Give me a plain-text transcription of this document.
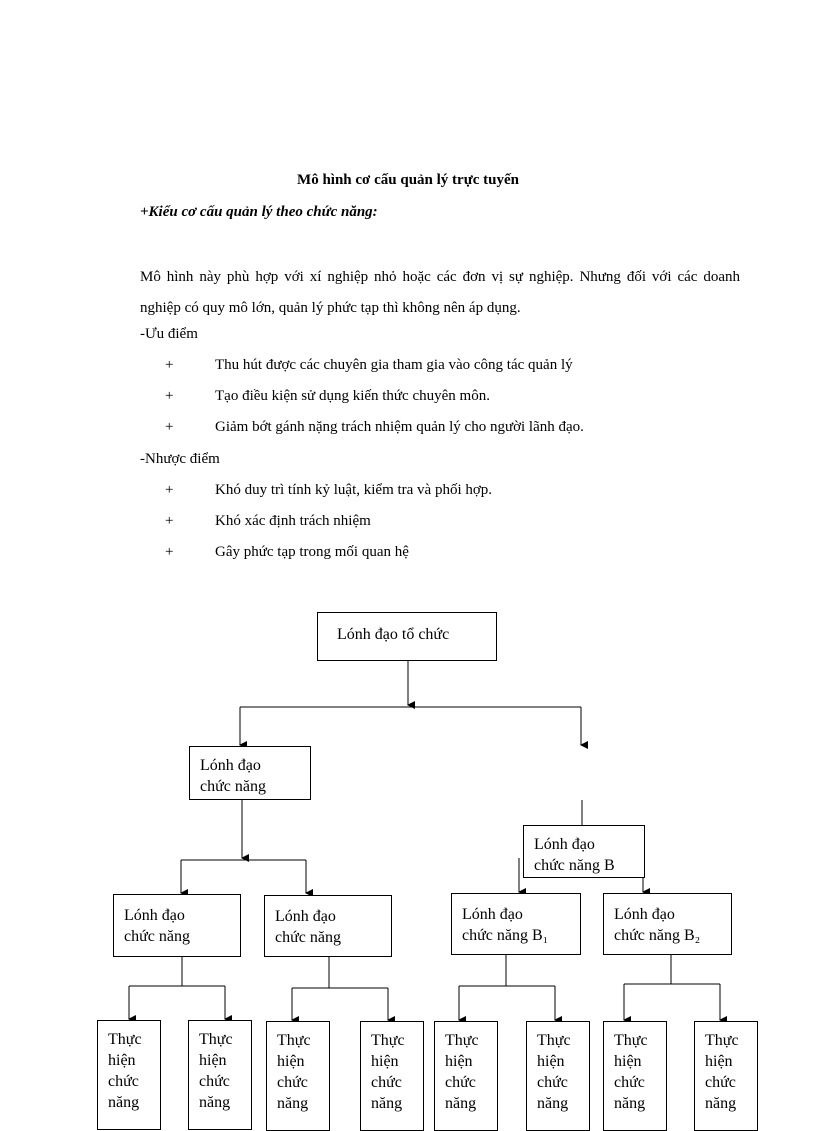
Mô hình cơ cấu quản lý trực tuyến
+Kiểu cơ cấu quản lý theo chức năng:
Mô hình này phù hợp với xí nghiệp nhỏ hoặc các đơn vị sự nghiệp. Nhưng đối với các doanh nghiệp có quy mô lớn, quản lý phức tạp thì không nên áp dụng.
-Ưu điểm
+	Thu hút được các chuyên gia tham gia vào công tác quản lý
+	Tạo điều kiện sử dụng kiến thức chuyên môn.
+	Giảm bớt gánh nặng trách nhiệm quản lý cho người lãnh đạo.
-Nhược điểm
+	Khó duy trì tính kỷ luật, kiểm tra và phối hợp.
+	Khó xác định trách nhiệm
+	Gây phức tạp trong mối quan hệ
Lónh đạo tổ chức
Lónh đạo
chức năng
Lónh đạo
chức năng B
Lónh đạo
chức năng
Lónh đạo
chức năng
Lónh đạo
chức năng B₁
Lónh đạo
chức năng B₂
Thực
hiện
chức
năng
Thực
hiện
chức
năng
Thực
hiện
chức
năng
Thực
hiện
chức
năng
Thực
hiện
chức
năng
Thực
hiện
chức
năng
Thực
hiện
chức
năng
Thực
hiện
chức
năng
